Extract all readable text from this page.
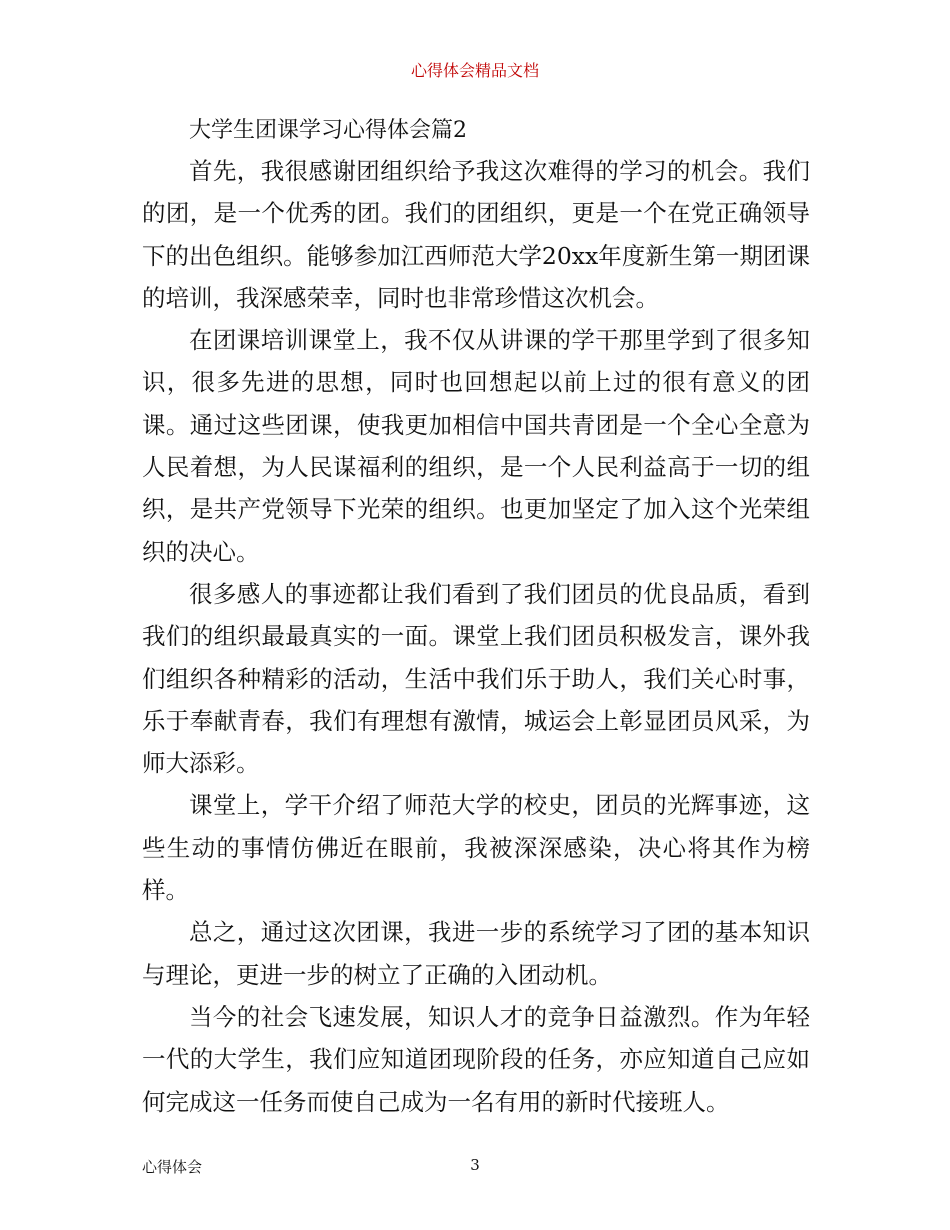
心得体会精品文档
大学生团课学习心得体会篇2

首先，我很感谢团组织给予我这次难得的学习的机会。我们的团，是一个优秀的团。我们的团组织，更是一个在党正确领导下的出色组织。能够参加江西师范大学20xx年度新生第一期团课的培训，我深感荣幸，同时也非常珍惜这次机会。

在团课培训课堂上，我不仅从讲课的学干那里学到了很多知识，很多先进的思想，同时也回想起以前上过的很有意义的团课。通过这些团课，使我更加相信中国共青团是一个全心全意为人民着想，为人民谋福利的组织，是一个人民利益高于一切的组织，是共产党领导下光荣的组织。也更加坚定了加入这个光荣组织的决心。

很多感人的事迹都让我们看到了我们团员的优良品质，看到我们的组织最最真实的一面。课堂上我们团员积极发言，课外我们组织各种精彩的活动，生活中我们乐于助人，我们关心时事，乐于奉献青春，我们有理想有激情，城运会上彰显团员风采，为师大添彩。

课堂上，学干介绍了师范大学的校史，团员的光辉事迹，这些生动的事情仿佛近在眼前，我被深深感染，决心将其作为榜样。

总之，通过这次团课，我进一步的系统学习了团的基本知识与理论，更进一步的树立了正确的入团动机。

当今的社会飞速发展，知识人才的竞争日益激烈。作为年轻一代的大学生，我们应知道团现阶段的任务，亦应知道自己应如何完成这一任务而使自己成为一名有用的新时代接班人。

心得体会	3
